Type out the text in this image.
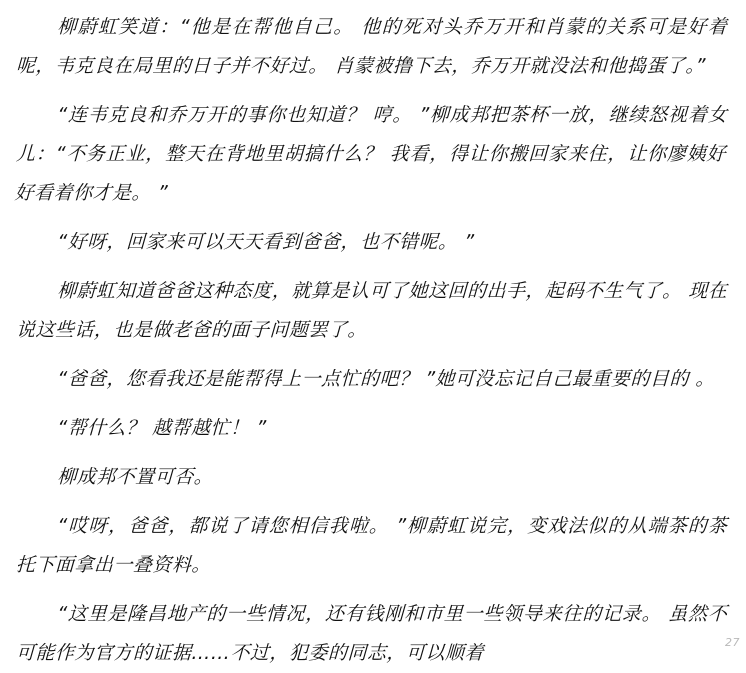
柳蔚虹笑道：“他是在帮他自己。 他的死对头乔万开和肖蒙的关系可是好着呢，韦克良在局里的日子并不好过。 肖蒙被撸下去，乔万开就没法和他捣蛋了。”

“连韦克良和乔万开的事你也知道？ 哼。 ”柳成邦把茶杯一放，继续怒视着女儿：“不务正业，整天在背地里胡搞什么？ 我看，得让你搬回家来住，让你廖姨好好看着你才是。 ”

“好呀，回家来可以天天看到爸爸，也不错呢。 ”

柳蔚虹知道爸爸这种态度，就算是认可了她这回的出手，起码不生气了。 现在说这些话，也是做老爸的面子问题罢了。

“爸爸，您看我还是能帮得上一点忙的吧？ ”她可没忘记自己最重要的目的 。

“帮什么？ 越帮越忙！ ”

柳成邦不置可否。

“哎呀，爸爸，都说了请您相信我啦。 ”柳蔚虹说完，变戏法似的从端茶的茶托下面拿出一叠资料。

“这里是隆昌地产的一些情况，还有钱刚和市里一些领导来往的记录。 虽然不可能作为官方的证据……不过，犯委的同志，可以顺着	27
